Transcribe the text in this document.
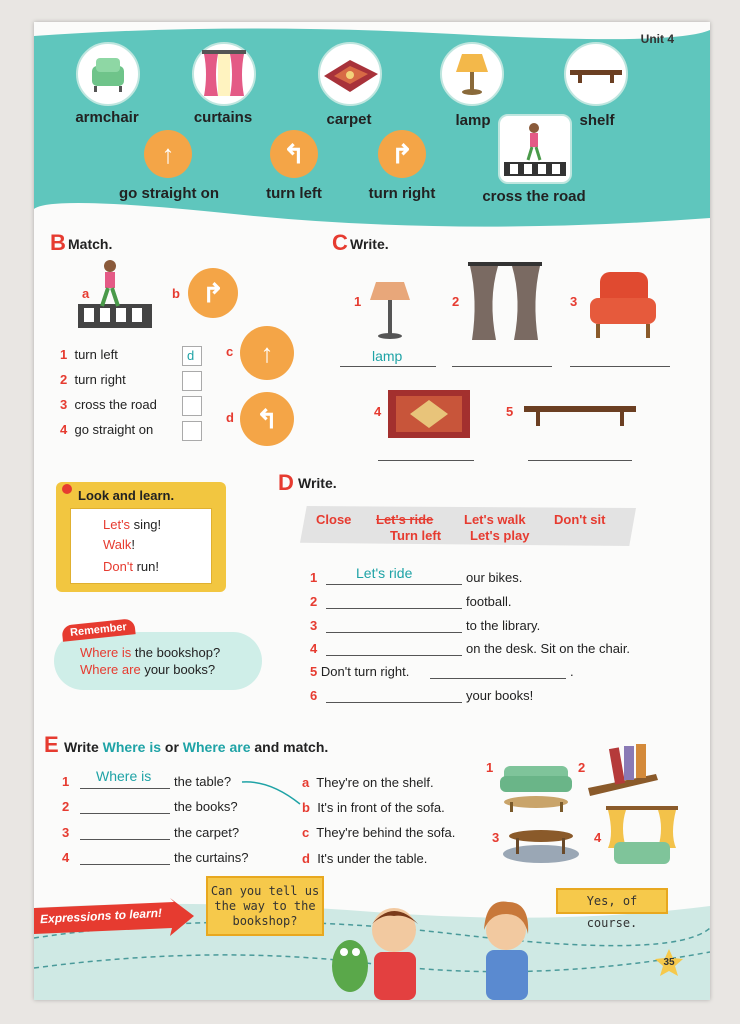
Unit 4
armchair	curtains	carpet	lamp	shelf
↑	↰	↱
go straight on	turn left	turn right	cross the road
B Match.
a	b ↱
c	↑
d ↰
1 turn left	d
2 turn right
3 cross the road
4 go straight on
C Write.
1	2	3
lamp
4	5
Look and learn.
Let's sing!
Walk!
Don't run!
Where is the bookshop?
Where are your books?
Remember
D Write.
Close Let's ride Let's walk Don't sit
Turn left Let's play
1	Let's ride	our bikes.
2	football.
3	to the library.
4	on the desk. Sit on the chair.
5 Don't turn right.	.
6	your books!
E Write Where is or Where are and match.
1 Where is the table?
2	the books?
3	the carpet?
4	the curtains?
a They're on the shelf.
b It's in front of the sofa.
c They're behind the sofa.
d It's under the table.
1	2
3	4
Expressions to learn!
Can you tell us the way to the bookshop?
Yes, of course.
35
